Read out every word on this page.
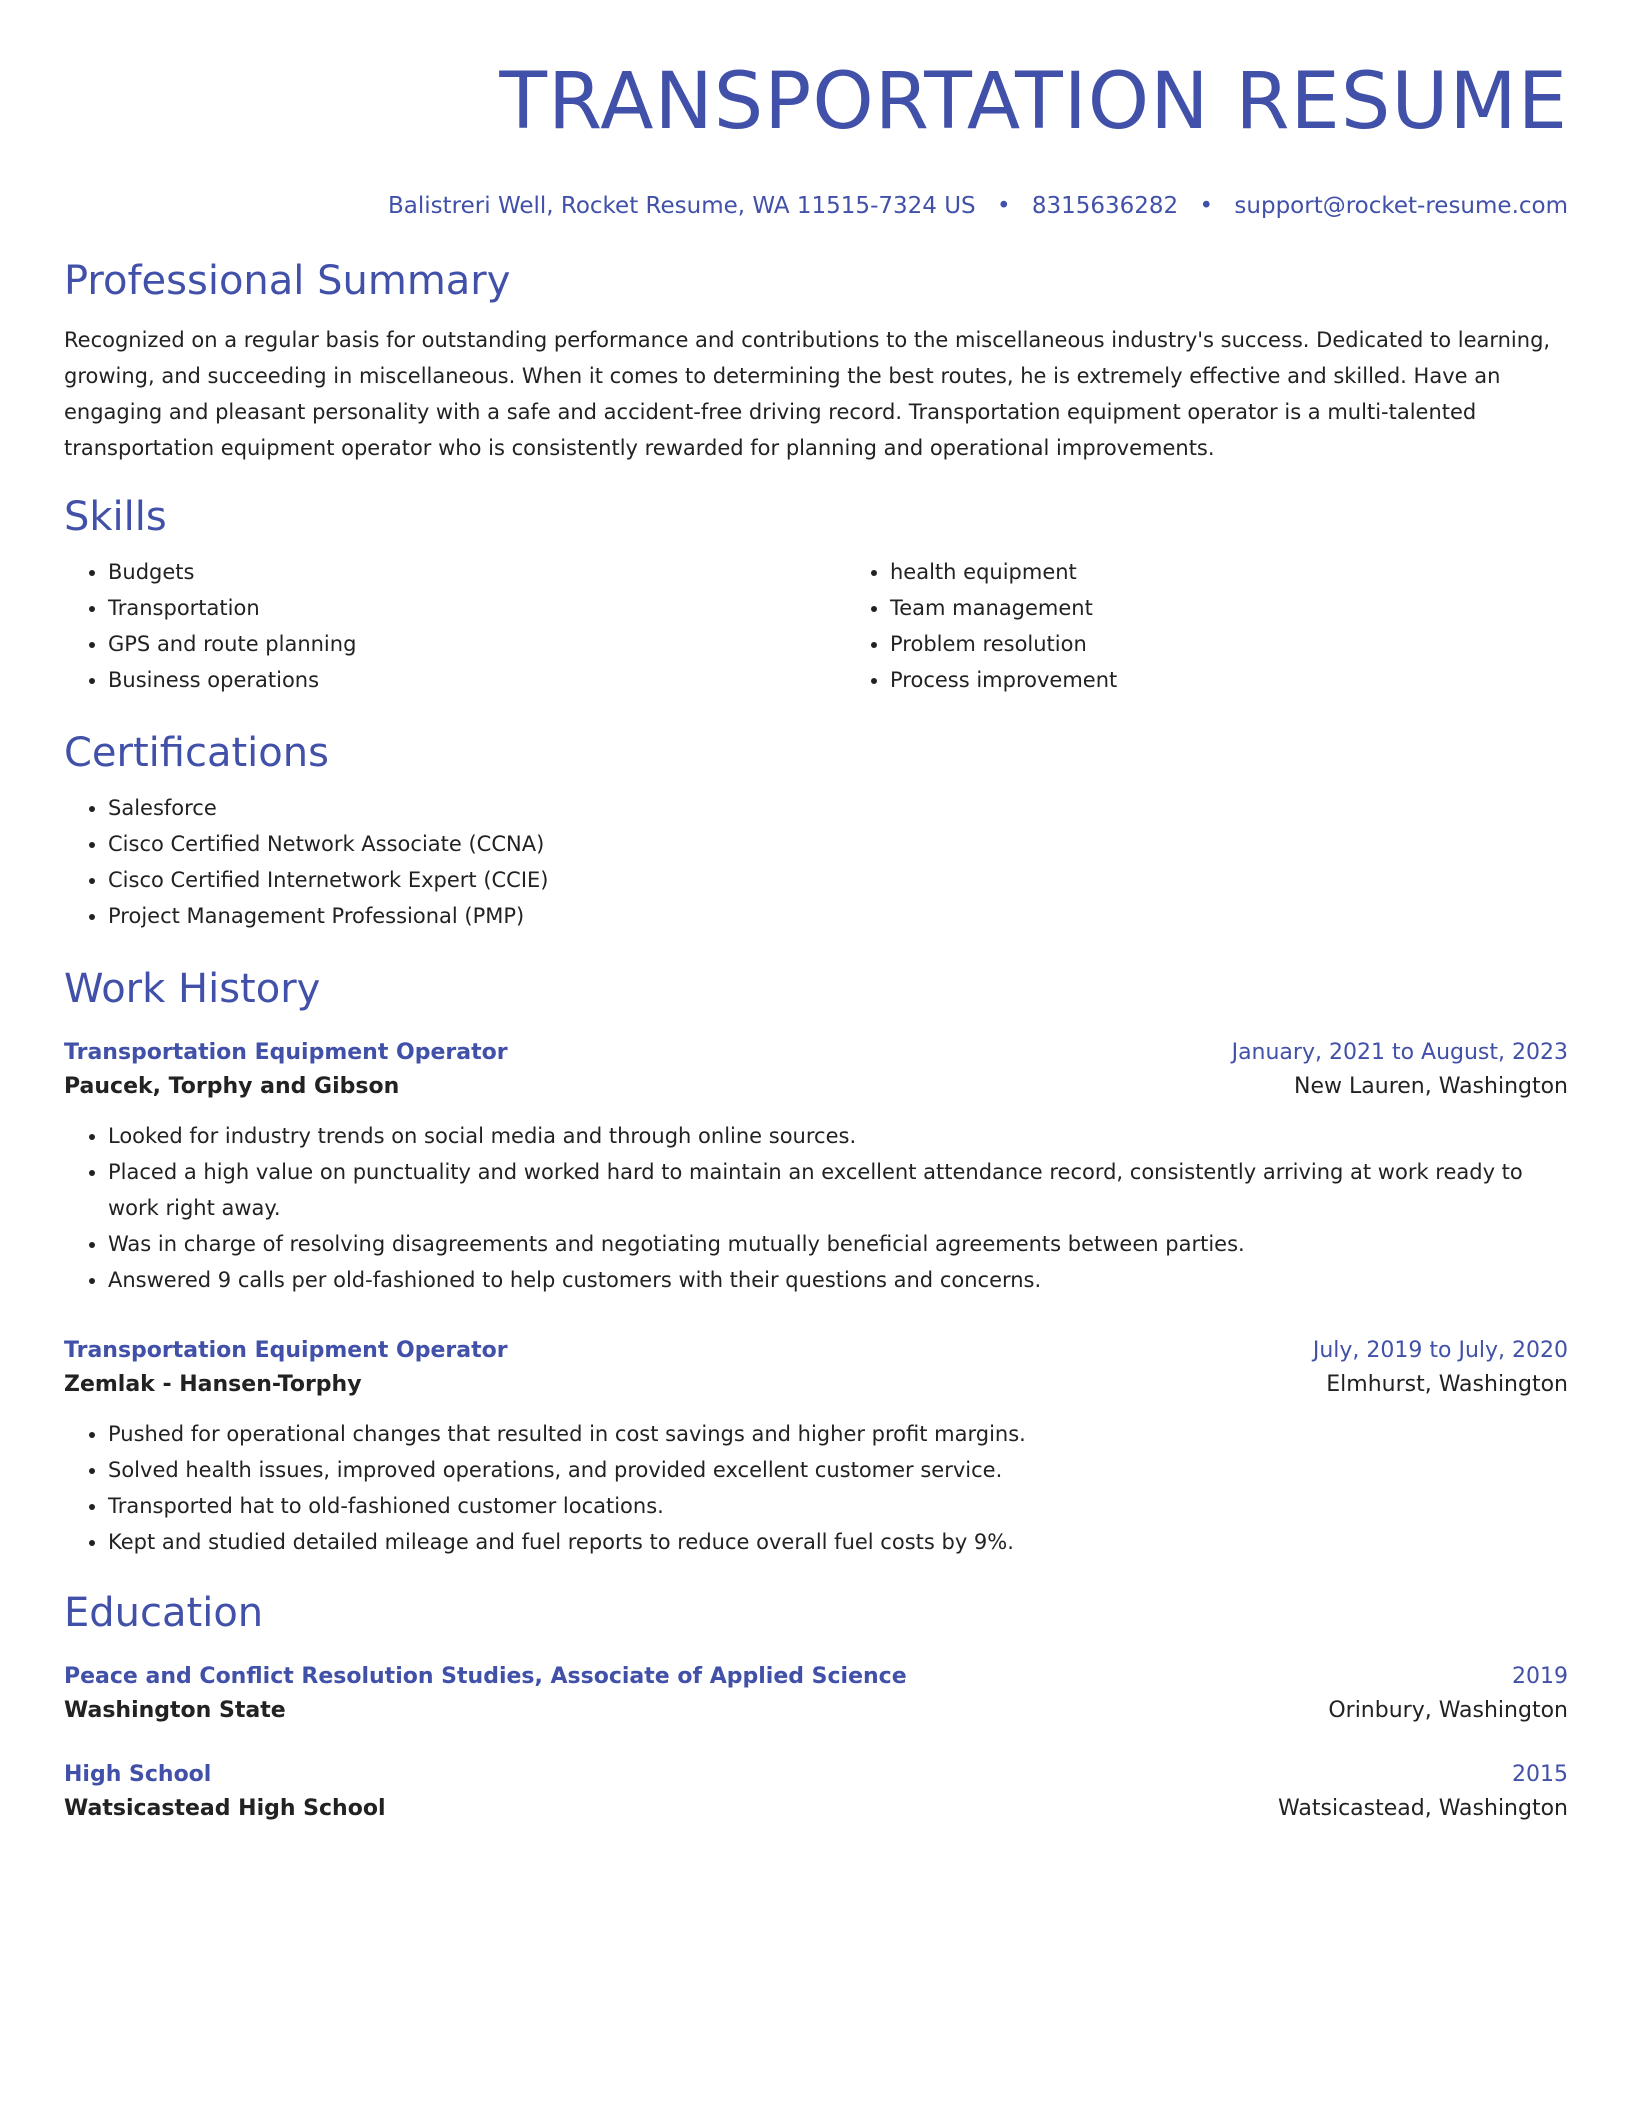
TRANSPORTATION RESUME
Balistreri Well, Rocket Resume, WA 11515-7324 US • 8315636282 • support@rocket-resume.com
Professional Summary

Recognized on a regular basis for outstanding performance and contributions to the miscellaneous industry's success. Dedicated to learning, growing, and succeeding in miscellaneous. When it comes to determining the best routes, he is extremely effective and skilled. Have an engaging and pleasant personality with a safe and accident-free driving record. Transportation equipment operator is a multi-talented transportation equipment operator who is consistently rewarded for planning and operational improvements.

Skills
• Budgets
• Transportation
• GPS and route planning
• Business operations
• health equipment
• Team management
• Problem resolution
• Process improvement
Certifications
• Salesforce
• Cisco Certified Network Associate (CCNA)
• Cisco Certified Internetwork Expert (CCIE)
• Project Management Professional (PMP)
Work History
Transportation Equipment Operator	January, 2021 to August, 2023
Paucek, Torphy and Gibson	New Lauren, Washington
• Looked for industry trends on social media and through online sources.
• Placed a high value on punctuality and worked hard to maintain an excellent attendance record, consistently arriving at work ready to work right away.
• Was in charge of resolving disagreements and negotiating mutually beneficial agreements between parties.
• Answered 9 calls per old-fashioned to help customers with their questions and concerns.
Transportation Equipment Operator	July, 2019 to July, 2020
Zemlak - Hansen-Torphy	Elmhurst, Washington
• Pushed for operational changes that resulted in cost savings and higher profit margins.
• Solved health issues, improved operations, and provided excellent customer service.
• Transported hat to old-fashioned customer locations.
• Kept and studied detailed mileage and fuel reports to reduce overall fuel costs by 9%.
Education
Peace and Conflict Resolution Studies, Associate of Applied Science	2019
Washington State	Orinbury, Washington
High School	2015
Watsicastead High School	Watsicastead, Washington
